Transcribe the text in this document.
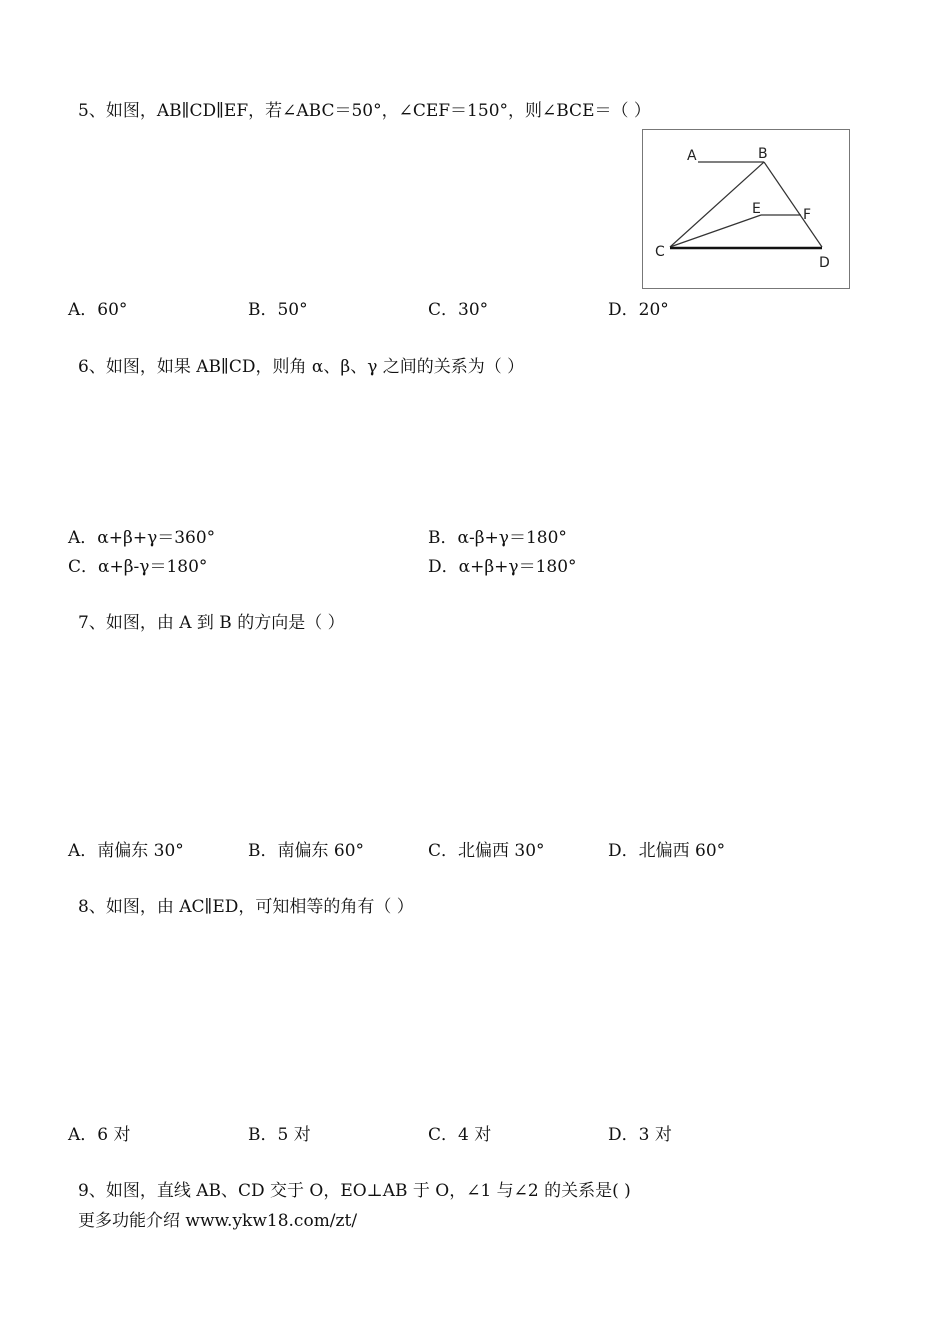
5、如图，AB∥CD∥EF，若∠ABC＝50°，∠CEF＝150°，则∠BCE＝（ ）
A	B
C
D
E	F
A．60°	B．50°	C．30°	D．20°
6、如图，如果 AB∥CD，则角 α、β、γ 之间的关系为（ ）
A．α+β+γ＝360°	B．α-β+γ＝180°
C．α+β-γ＝180°	D．α+β+γ＝180°
7、如图，由 A 到 B 的方向是（ ）
A．南偏东 30°	B．南偏东 60°	C．北偏西 30°	D．北偏西 60°
8、如图，由 AC∥ED，可知相等的角有（ ）
A．6 对	B．5 对	C．4 对	D．3 对
9、如图，直线 AB、CD 交于 O，EO⊥AB 于 O，∠1 与∠2 的关系是( )
更多功能介绍 www.ykw18.com/zt/
